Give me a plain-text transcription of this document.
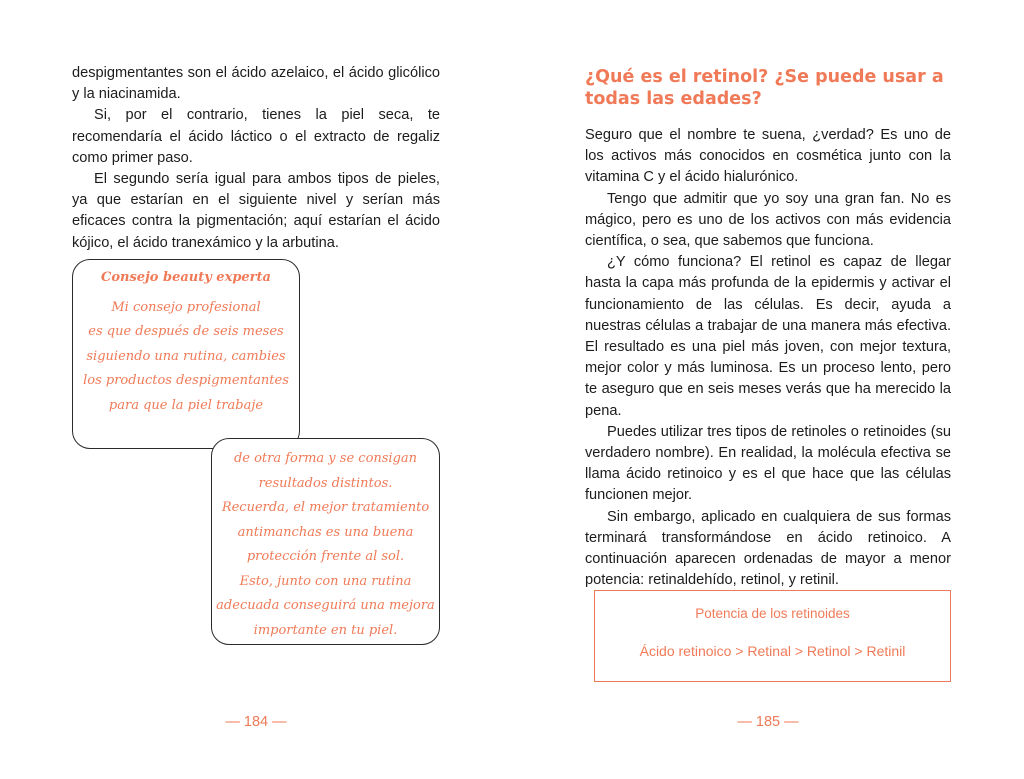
despigmentantes son el ácido azelaico, el ácido glicólico y la niacinamida.

Si, por el contrario, tienes la piel seca, te recomendaría el ácido láctico o el extracto de regaliz como primer paso.

El segundo sería igual para ambos tipos de pieles, ya que estarían en el siguiente nivel y serían más eficaces contra la pigmentación; aquí estarían el ácido kójico, el ácido tranexámico y la arbutina.

Consejo beauty experta
Mi consejo profesional
es que después de seis meses
siguiendo una rutina, cambies
los productos despigmentantes
para que la piel trabaje
de otra forma y se consigan
resultados distintos.
Recuerda, el mejor tratamiento
antimanchas es una buena
protección frente al sol.
Esto, junto con una rutina
adecuada conseguirá una mejora
importante en tu piel.
— 184 —
¿Qué es el retinol? ¿Se puede usar a todas las edades?

Seguro que el nombre te suena, ¿verdad? Es uno de los activos más conocidos en cosmética junto con la vitamina C y el ácido hialurónico.

Tengo que admitir que yo soy una gran fan. No es mágico, pero es uno de los activos con más evidencia científica, o sea, que sabemos que funciona.

¿Y cómo funciona? El retinol es capaz de llegar hasta la capa más profunda de la epidermis y activar el funcionamiento de las células. Es decir, ayuda a nuestras células a trabajar de una manera más efectiva. El resultado es una piel más joven, con mejor textura, mejor color y más luminosa. Es un proceso lento, pero te aseguro que en seis meses verás que ha merecido la pena.

Puedes utilizar tres tipos de retinoles o retinoides (su verdadero nombre). En realidad, la molécula efectiva se llama ácido retinoico y es el que hace que las células funcionen mejor.

Sin embargo, aplicado en cualquiera de sus formas terminará transformándose en ácido retinoico. A continuación aparecen ordenadas de mayor a menor potencia: retinaldehído, retinol, y retinil.

Potencia de los retinoides
Ácido retinoico > Retinal > Retinol > Retinil
— 185 —
